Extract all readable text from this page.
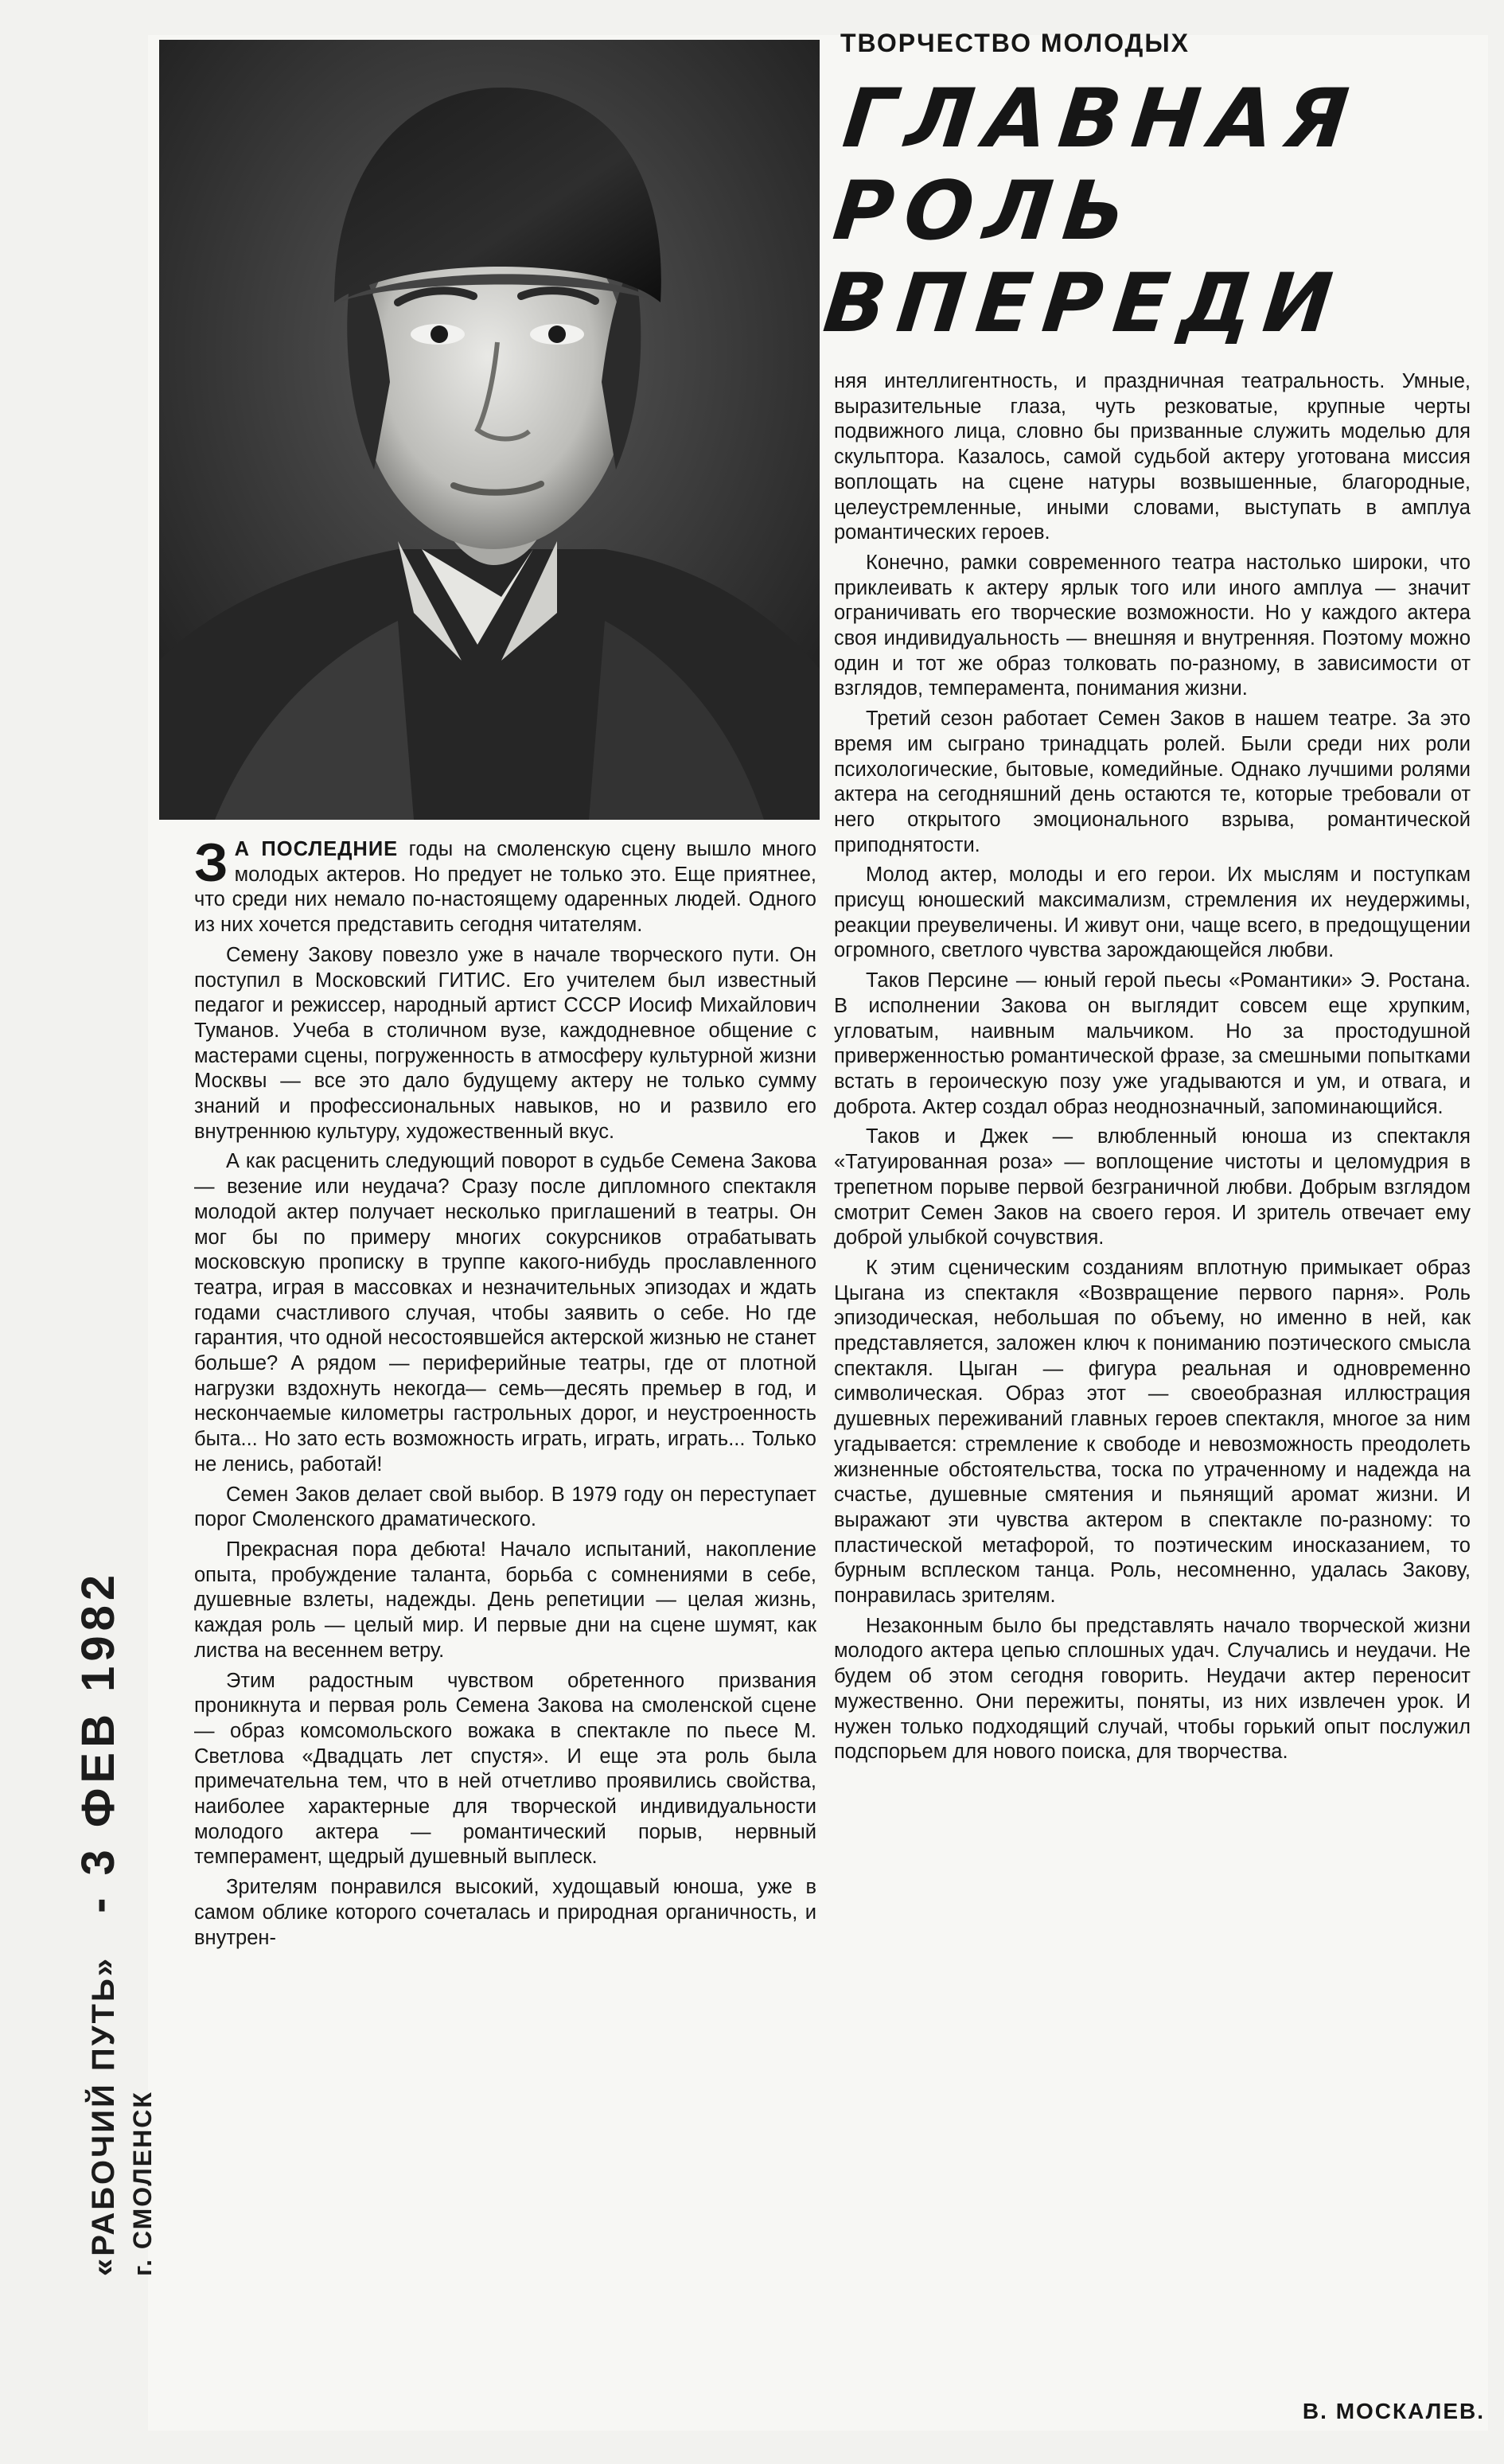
«РАБОЧИЙ ПУТЬ» - 3 ФЕВ 1982
г. СМОЛЕНСК
ТВОРЧЕСТВО МОЛОДЫХ
ГЛАВНАЯ
РОЛЬ
ВПЕРЕДИ

З А ПОСЛЕДНИЕ годы на смоленскую сцену вышло много молодых актеров. Но предует не только это. Еще приятнее, что среди них немало по-настоящему одаренных людей. Одного из них хочется представить сегодня читателям.

Семену Закову повезло уже в начале творческого пути. Он поступил в Московский ГИТИС. Его учителем был известный педагог и режиссер, народный артист СССР Иосиф Михайлович Туманов. Учеба в столичном вузе, каждодневное общение с мастерами сцены, погруженность в атмосферу культурной жизни Москвы — все это дало будущему актеру не только сумму знаний и профессиональных навыков, но и развило его внутреннюю культуру, художественный вкус.

А как расценить следующий поворот в судьбе Семена Закова — везение или неудача? Сразу после дипломного спектакля молодой актер получает несколько приглашений в театры. Он мог бы по примеру многих сокурсников отрабатывать московскую прописку в труппе какого-нибудь прославленного театра, играя в массовках и незначительных эпизодах и ждать годами счастливого случая, чтобы заявить о себе. Но где гарантия, что одной несостоявшейся актерской жизнью не станет больше? А рядом — периферийные театры, где от плотной нагрузки вздохнуть некогда— семь—десять премьер в год, и нескончаемые километры гастрольных дорог, и неустроенность быта... Но зато есть возможность играть, играть, играть... Только не ленись, работай!

Семен Заков делает свой выбор. В 1979 году он переступает порог Смоленского драматического.

Прекрасная пора дебюта! Начало испытаний, накопление опыта, пробуждение таланта, борьба с сомнениями в себе, душевные взлеты, надежды. День репетиции — целая жизнь, каждая роль — целый мир. И первые дни на сцене шумят, как листва на весеннем ветру.

Этим радостным чувством обретенного призвания проникнута и первая роль Семена Закова на смоленской сцене — образ комсомольского вожака в спектакле по пьесе М. Светлова «Двадцать лет спустя». И еще эта роль была примечательна тем, что в ней отчетливо проявились свойства, наиболее характерные для творческой индивидуальности молодого актера — романтический порыв, нервный темперамент, щедрый душевный выплеск.

Зрителям понравился высокий, худощавый юноша, уже в самом облике которого сочеталась и природная органичность, и внутрен-

няя интеллигентность, и праздничная театральность. Умные, выразительные глаза, чуть резковатые, крупные черты подвижного лица, словно бы призванные служить моделью для скульптора. Казалось, самой судьбой актеру уготована миссия воплощать на сцене натуры возвышенные, благородные, целеустремленные, иными словами, выступать в амплуа романтических героев.

Конечно, рамки современного театра настолько широки, что приклеивать к актеру ярлык того или иного амплуа — значит ограничивать его творческие возможности. Но у каждого актера своя индивидуальность — внешняя и внутренняя. Поэтому можно один и тот же образ толковать по-разному, в зависимости от взглядов, темперамента, понимания жизни.

Третий сезон работает Семен Заков в нашем театре. За это время им сыграно тринадцать ролей. Были среди них роли психологические, бытовые, комедийные. Однако лучшими ролями актера на сегодняшний день остаются те, которые требовали от него открытого эмоционального взрыва, романтической приподнятости.

Молод актер, молоды и его герои. Их мыслям и поступкам присущ юношеский максимализм, стремления их неудержимы, реакции преувеличены. И живут они, чаще всего, в предощущении огромного, светлого чувства зарождающейся любви.

Таков Персине — юный герой пьесы «Романтики» Э. Ростана. В исполнении Закова он выглядит совсем еще хрупким, угловатым, наивным мальчиком. Но за простодушной приверженностью романтической фразе, за смешными попытками встать в героическую позу уже угадываются и ум, и отвага, и доброта. Актер создал образ неоднозначный, запоминающийся.

Таков и Джек — влюбленный юноша из спектакля «Татуированная роза» — воплощение чистоты и целомудрия в трепетном порыве первой безграничной любви. Добрым взглядом смотрит Семен Заков на своего героя. И зритель отвечает ему доброй улыбкой сочувствия.

К этим сценическим созданиям вплотную примыкает образ Цыгана из спектакля «Возвращение первого парня». Роль эпизодическая, небольшая по объему, но именно в ней, как представляется, заложен ключ к пониманию поэтического смысла спектакля. Цыган — фигура реальная и одновременно символическая. Образ этот — своеобразная иллюстрация душевных переживаний главных героев спектакля, многое за ним угадывается: стремление к свободе и невозможность преодолеть жизненные обстоятельства, тоска по утраченному и надежда на счастье, душевные смятения и пьянящий аромат жизни. И выражают эти чувства актером в спектакле по-разному: то пластической метафорой, то поэтическим иносказанием, то бурным всплеском танца. Роль, несомненно, удалась Закову, понравилась зрителям.

Незаконным было бы представлять начало творческой жизни молодого актера цепью сплошных удач. Случались и неудачи. Не будем об этом сегодня говорить. Неудачи актер переносит мужественно. Они пережиты, поняты, из них извлечен урок. И нужен только подходящий случай, чтобы горький опыт послужил подспорьем для нового поиска, для творчества.

В. МОСКАЛЕВ.
